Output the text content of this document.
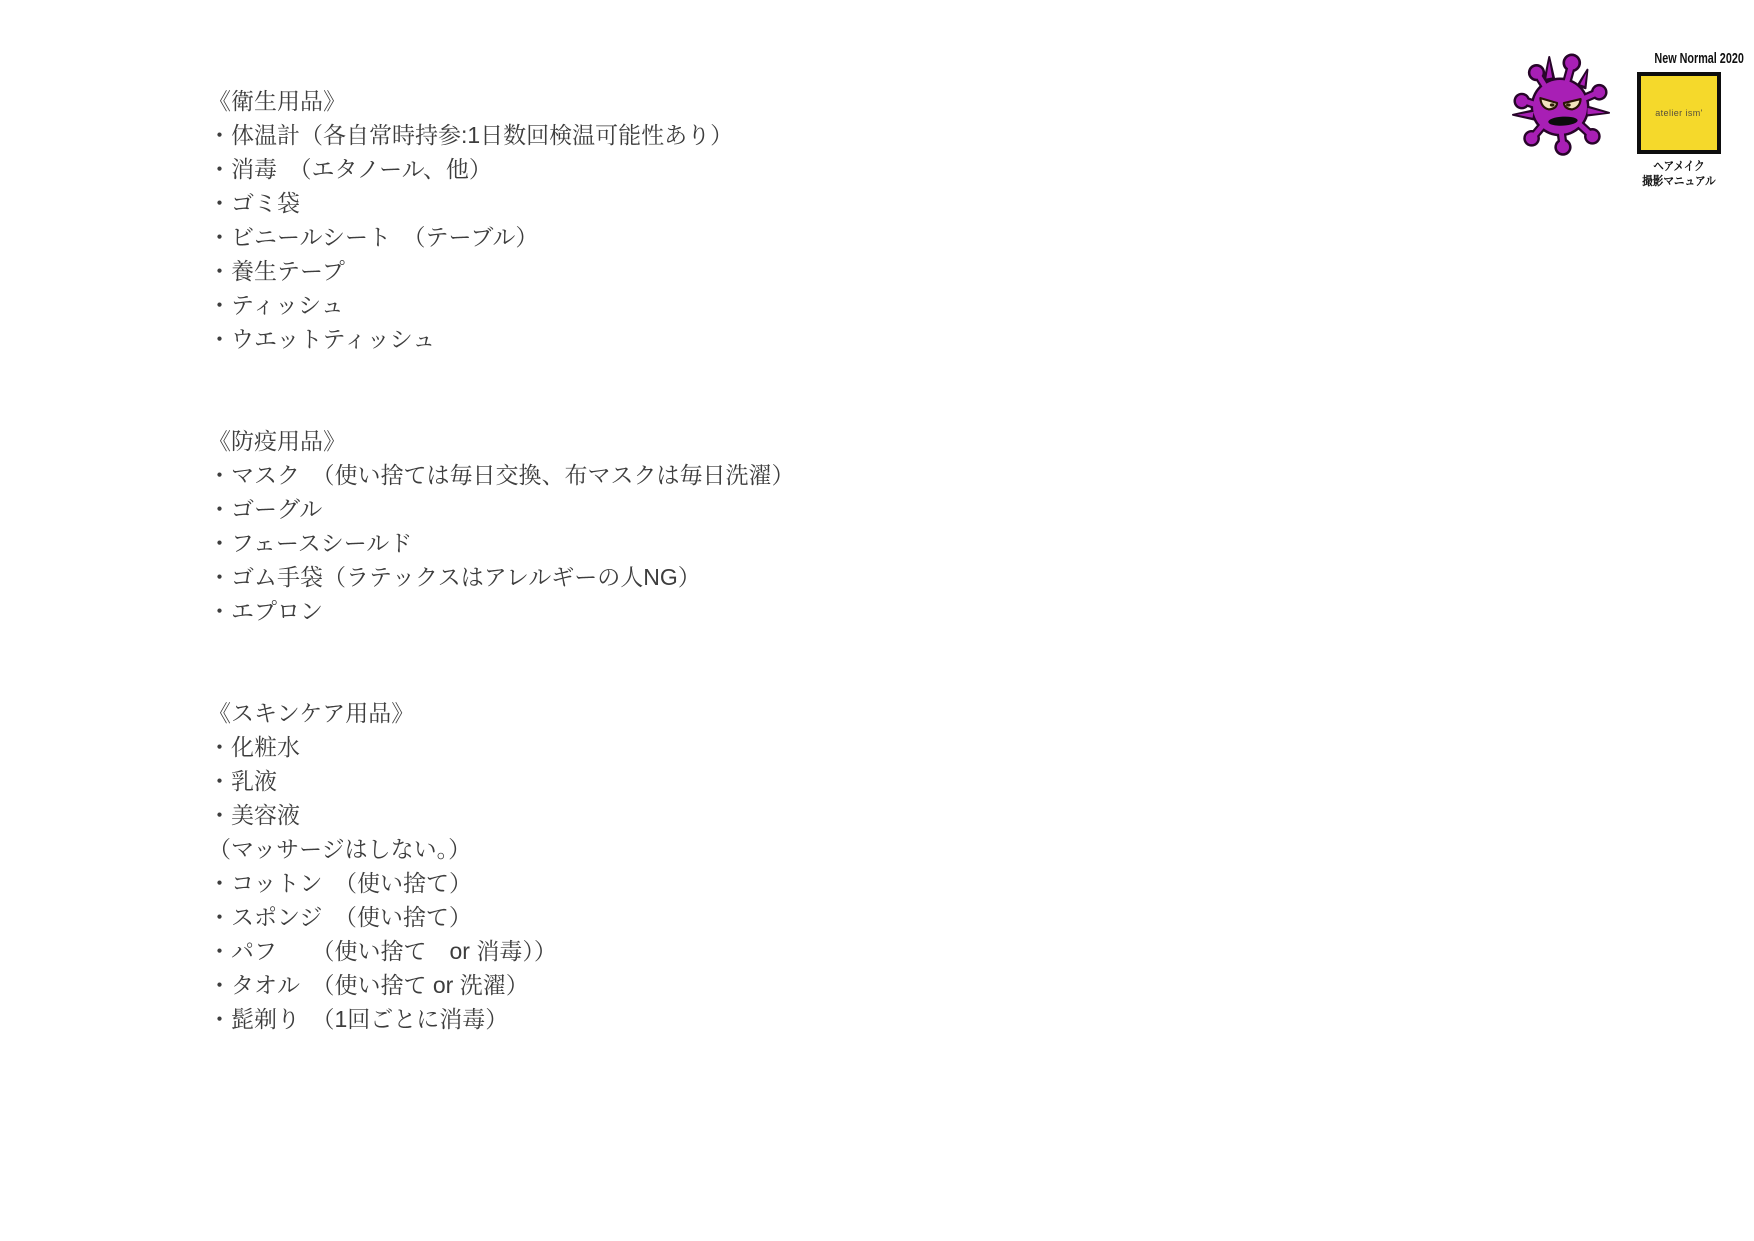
《衛生用品》
・体温計（各自常時持参:1日数回検温可能性あり）
・消毒　（エタノール、他）
・ゴミ袋
・ビニールシート　（テーブル）
・養生テープ
・ティッシュ
・ウエットティッシュ
《防疫用品》
・マスク　（使い捨ては毎日交換、布マスクは毎日洗濯）
・ゴーグル
・フェースシールド
・ゴム手袋（ラテックスはアレルギーの人NG）
・エプロン
《スキンケア用品》
・化粧水
・乳液
・美容液
（マッサージはしない。）
・コットン　（使い捨て）
・スポンジ　（使い捨て）
・パフ　　（使い捨て　or 消毒））
・タオル　（使い捨て or 洗濯）
・髭剃り　（1回ごとに消毒）
New Normal 2020
atelier ism'
ヘアメイク
撮影マニュアル
